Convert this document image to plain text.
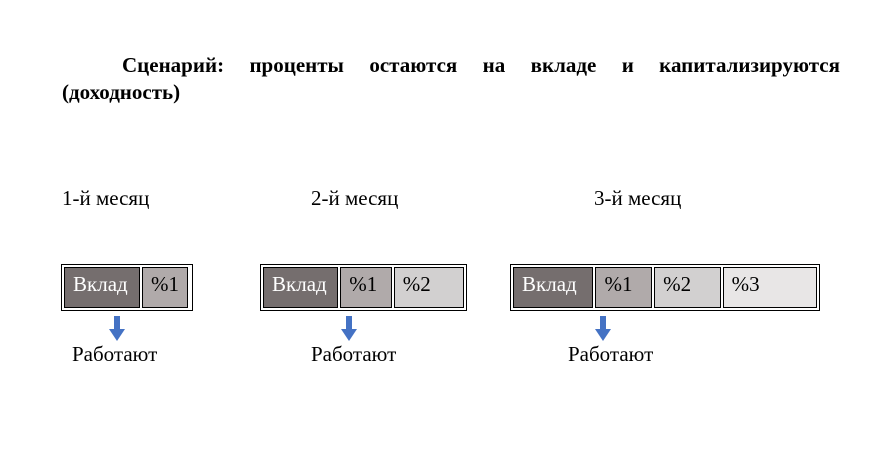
Сценарий: проценты остаются на вкладе и капитализируются (доходность)
1-й месяц
Вклад	%1
Работают
2-й месяц
Вклад	%1	%2
Работают
3-й месяц
Вклад	%1	%2	%3
Работают
